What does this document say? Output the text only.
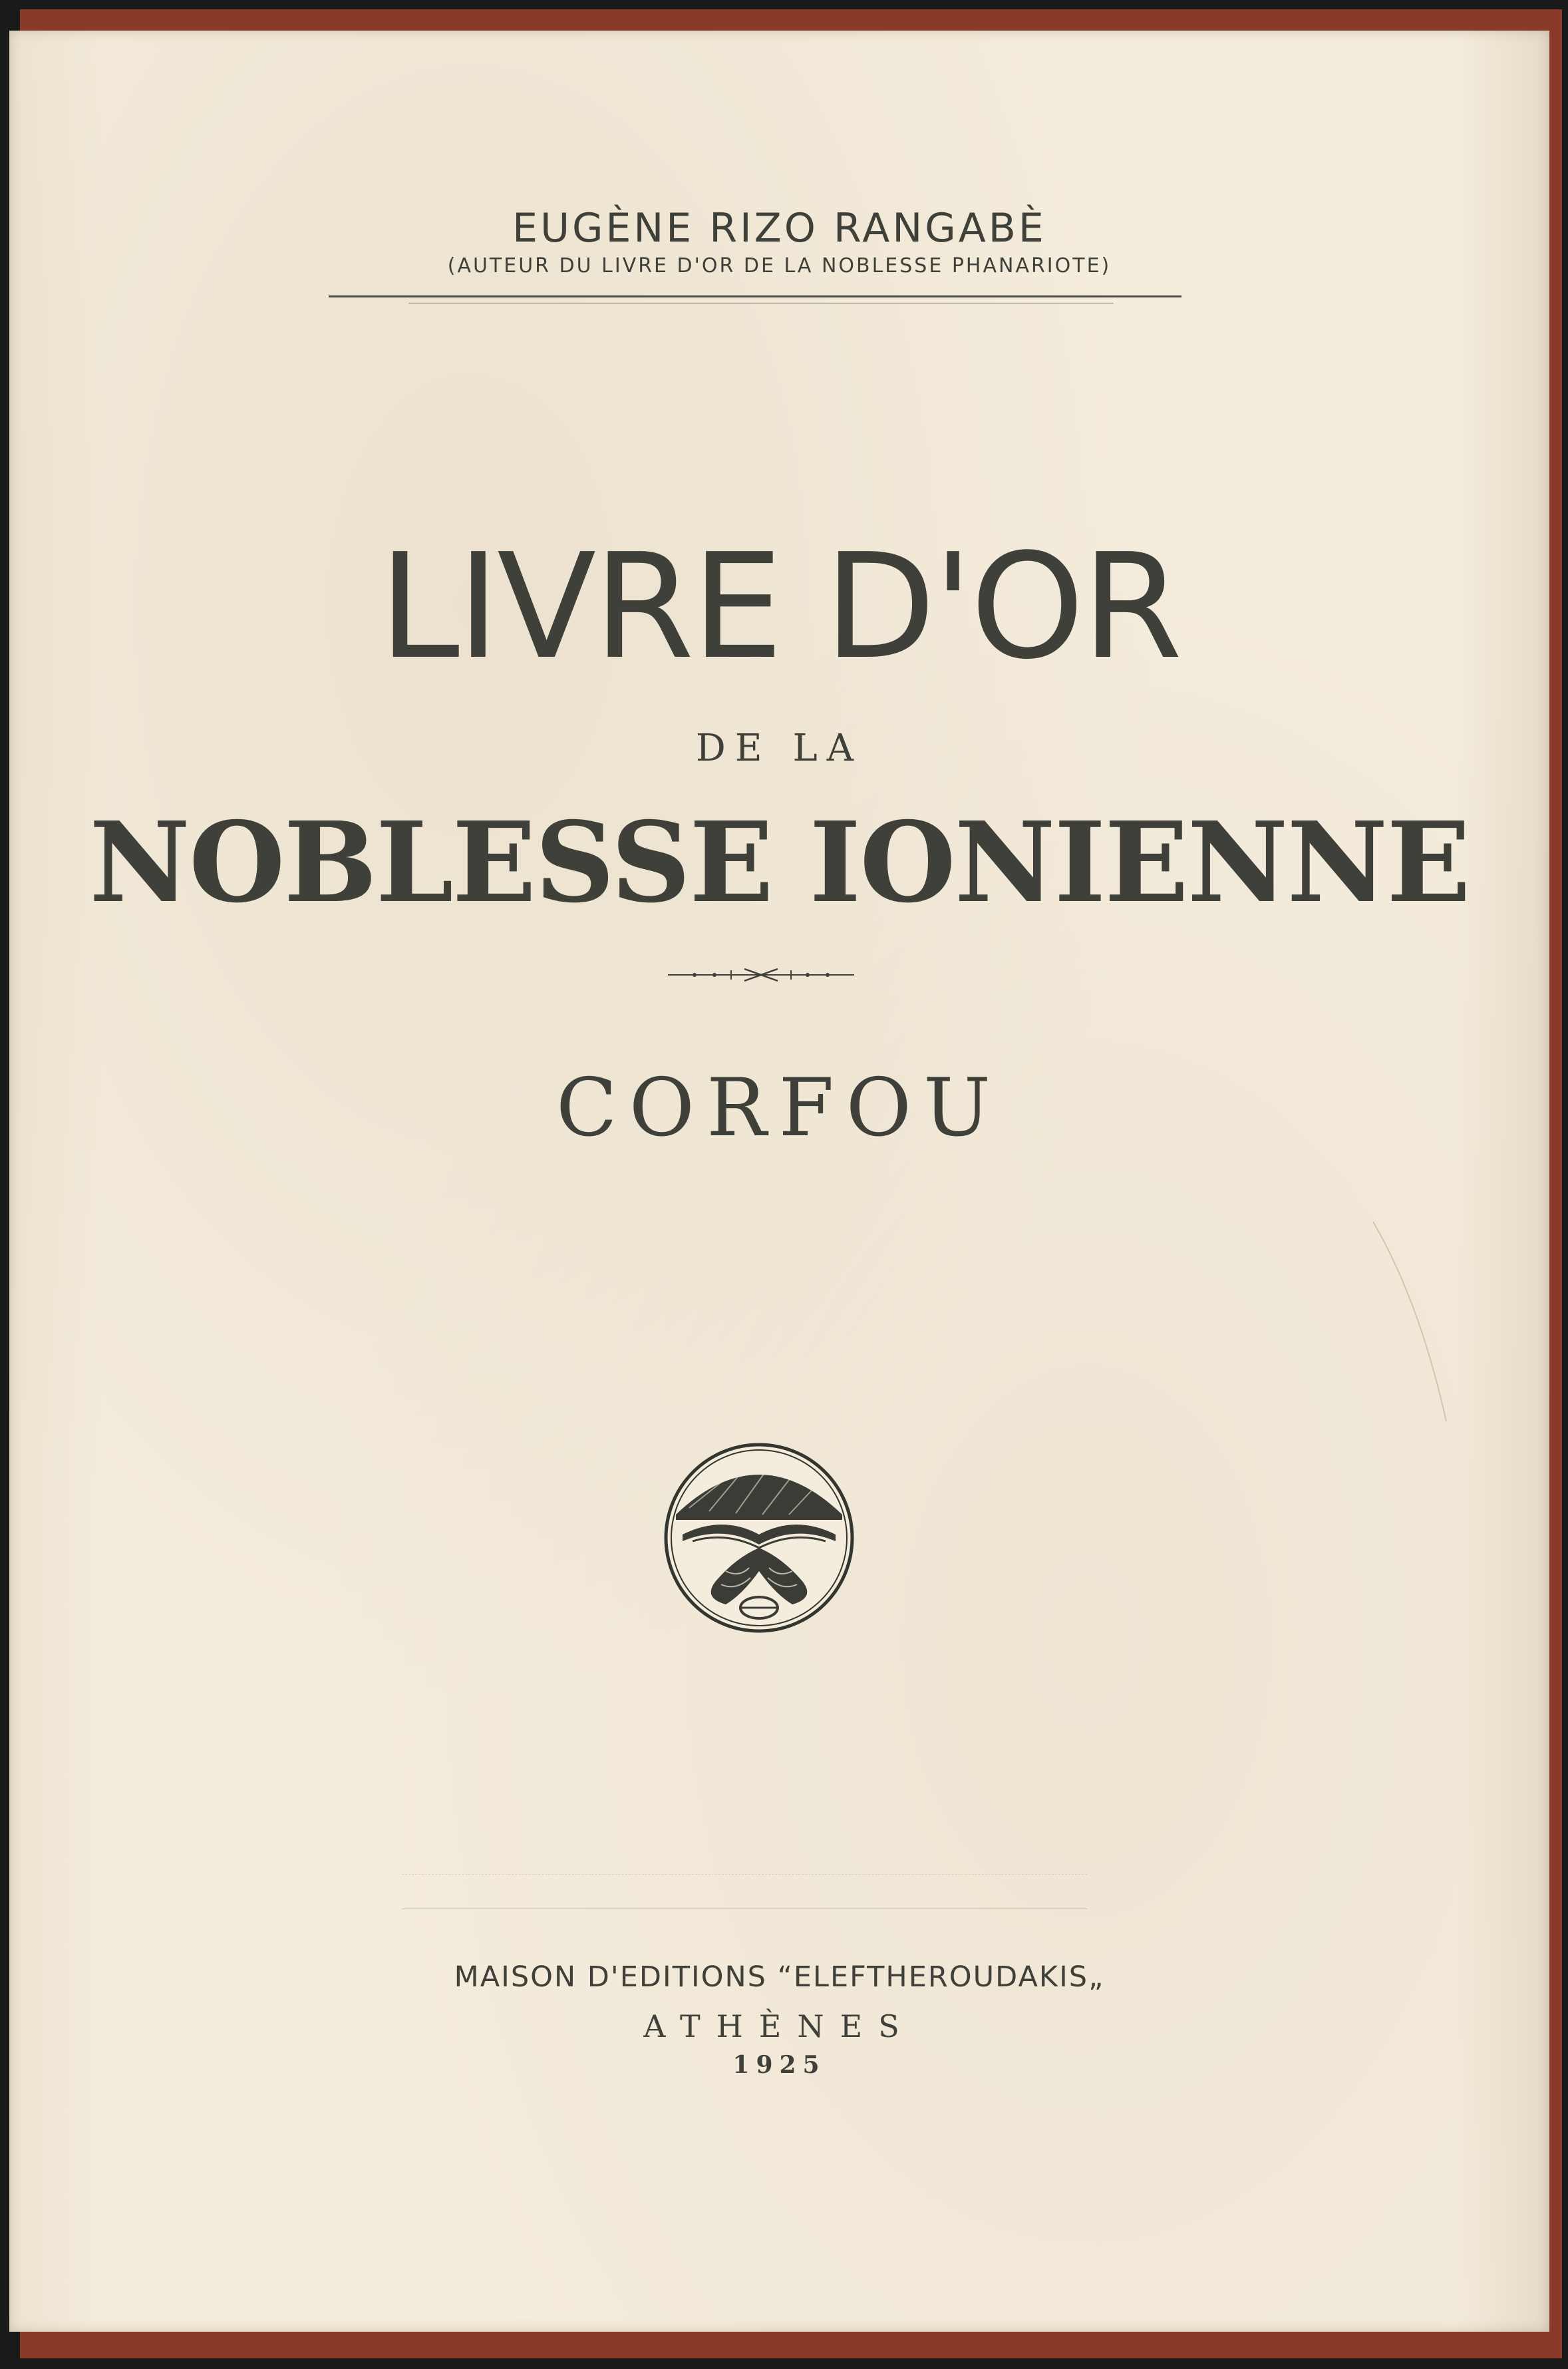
EUGÈNE RIZO RANGABÈ

(AUTEUR DU LIVRE D'OR DE LA NOBLESSE PHANARIOTE)

LIVRE D'OR

DE LA

NOBLESSE IONIENNE

CORFOU

MAISON D'EDITIONS “ELEFTHEROUDAKIS„

ATHÈNES

1925
